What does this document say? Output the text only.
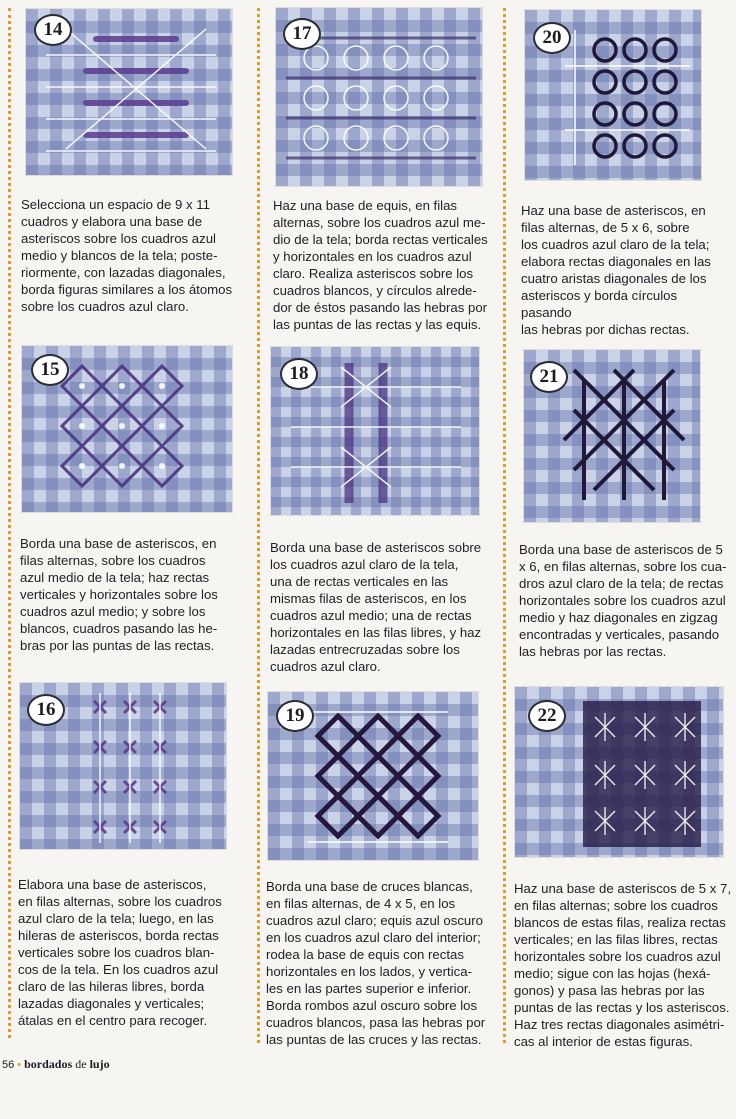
14

Selecciona un espacio de 9 x 11
cuadros y elabora una base de
asteriscos sobre los cuadros azul
medio y blancos de la tela; poste-
riormente, con lazadas diagonales,
borda figuras similares a los átomos
sobre los cuadros azul claro.

15

Borda una base de asteriscos, en
filas alternas, sobre los cuadros
azul medio de la tela; haz rectas
verticales y horizontales sobre los
cuadros azul medio; y sobre los
blancos, cuadros pasando las he-
bras por las puntas de las rectas.

16

Elabora una base de asteriscos,
en filas alternas, sobre los cuadros
azul claro de la tela; luego, en las
hileras de asteriscos, borda rectas
verticales sobre los cuadros blan-
cos de la tela. En los cuadros azul
claro de las hileras libres, borda
lazadas diagonales y verticales;
átalas en el centro para recoger.

17

Haz una base de equis, en filas
alternas, sobre los cuadros azul me-
dio de la tela; borda rectas verticales
y horizontales en los cuadros azul
claro. Realiza asteriscos sobre los
cuadros blancos, y círculos alrede-
dor de éstos pasando las hebras por
las puntas de las rectas y las equis.

18

Borda una base de asteriscos sobre
los cuadros azul claro de la tela,
una de rectas verticales en las
mismas filas de asteriscos, en los
cuadros azul medio; una de rectas
horizontales en las filas libres, y haz
lazadas entrecruzadas sobre los
cuadros azul claro.

19

Borda una base de cruces blancas,
en filas alternas, de 4 x 5, en los
cuadros azul claro; equis azul oscuro
en los cuadros azul claro del interior;
rodea la base de equis con rectas
horizontales en los lados, y vertica-
les en las partes superior e inferior.
Borda rombos azul oscuro sobre los
cuadros blancos, pasa las hebras por
las puntas de las cruces y las rectas.

20

Haz una base de asteriscos, en
filas alternas, de 5 x 6, sobre
los cuadros azul claro de la tela;
elabora rectas diagonales en las
cuatro aristas diagonales de los
asteriscos y borda círculos pasando
las hebras por dichas rectas.

21

Borda una base de asteriscos de 5
x 6, en filas alternas, sobre los cua-
dros azul claro de la tela; de rectas
horizontales sobre los cuadros azul
medio y haz diagonales en zigzag
encontradas y verticales, pasando
las hebras por las rectas.

22

Haz una base de asteriscos de 5 x 7,
en filas alternas; sobre los cuadros
blancos de estas filas, realiza rectas
verticales; en las filas libres, rectas
horizontales sobre los cuadros azul
medio; sigue con las hojas (hexá-
gonos) y pasa las hebras por las
puntas de las rectas y los asteriscos.
Haz tres rectas diagonales asimétri-
cas al interior de estas figuras.

56 • bordados de lujo
